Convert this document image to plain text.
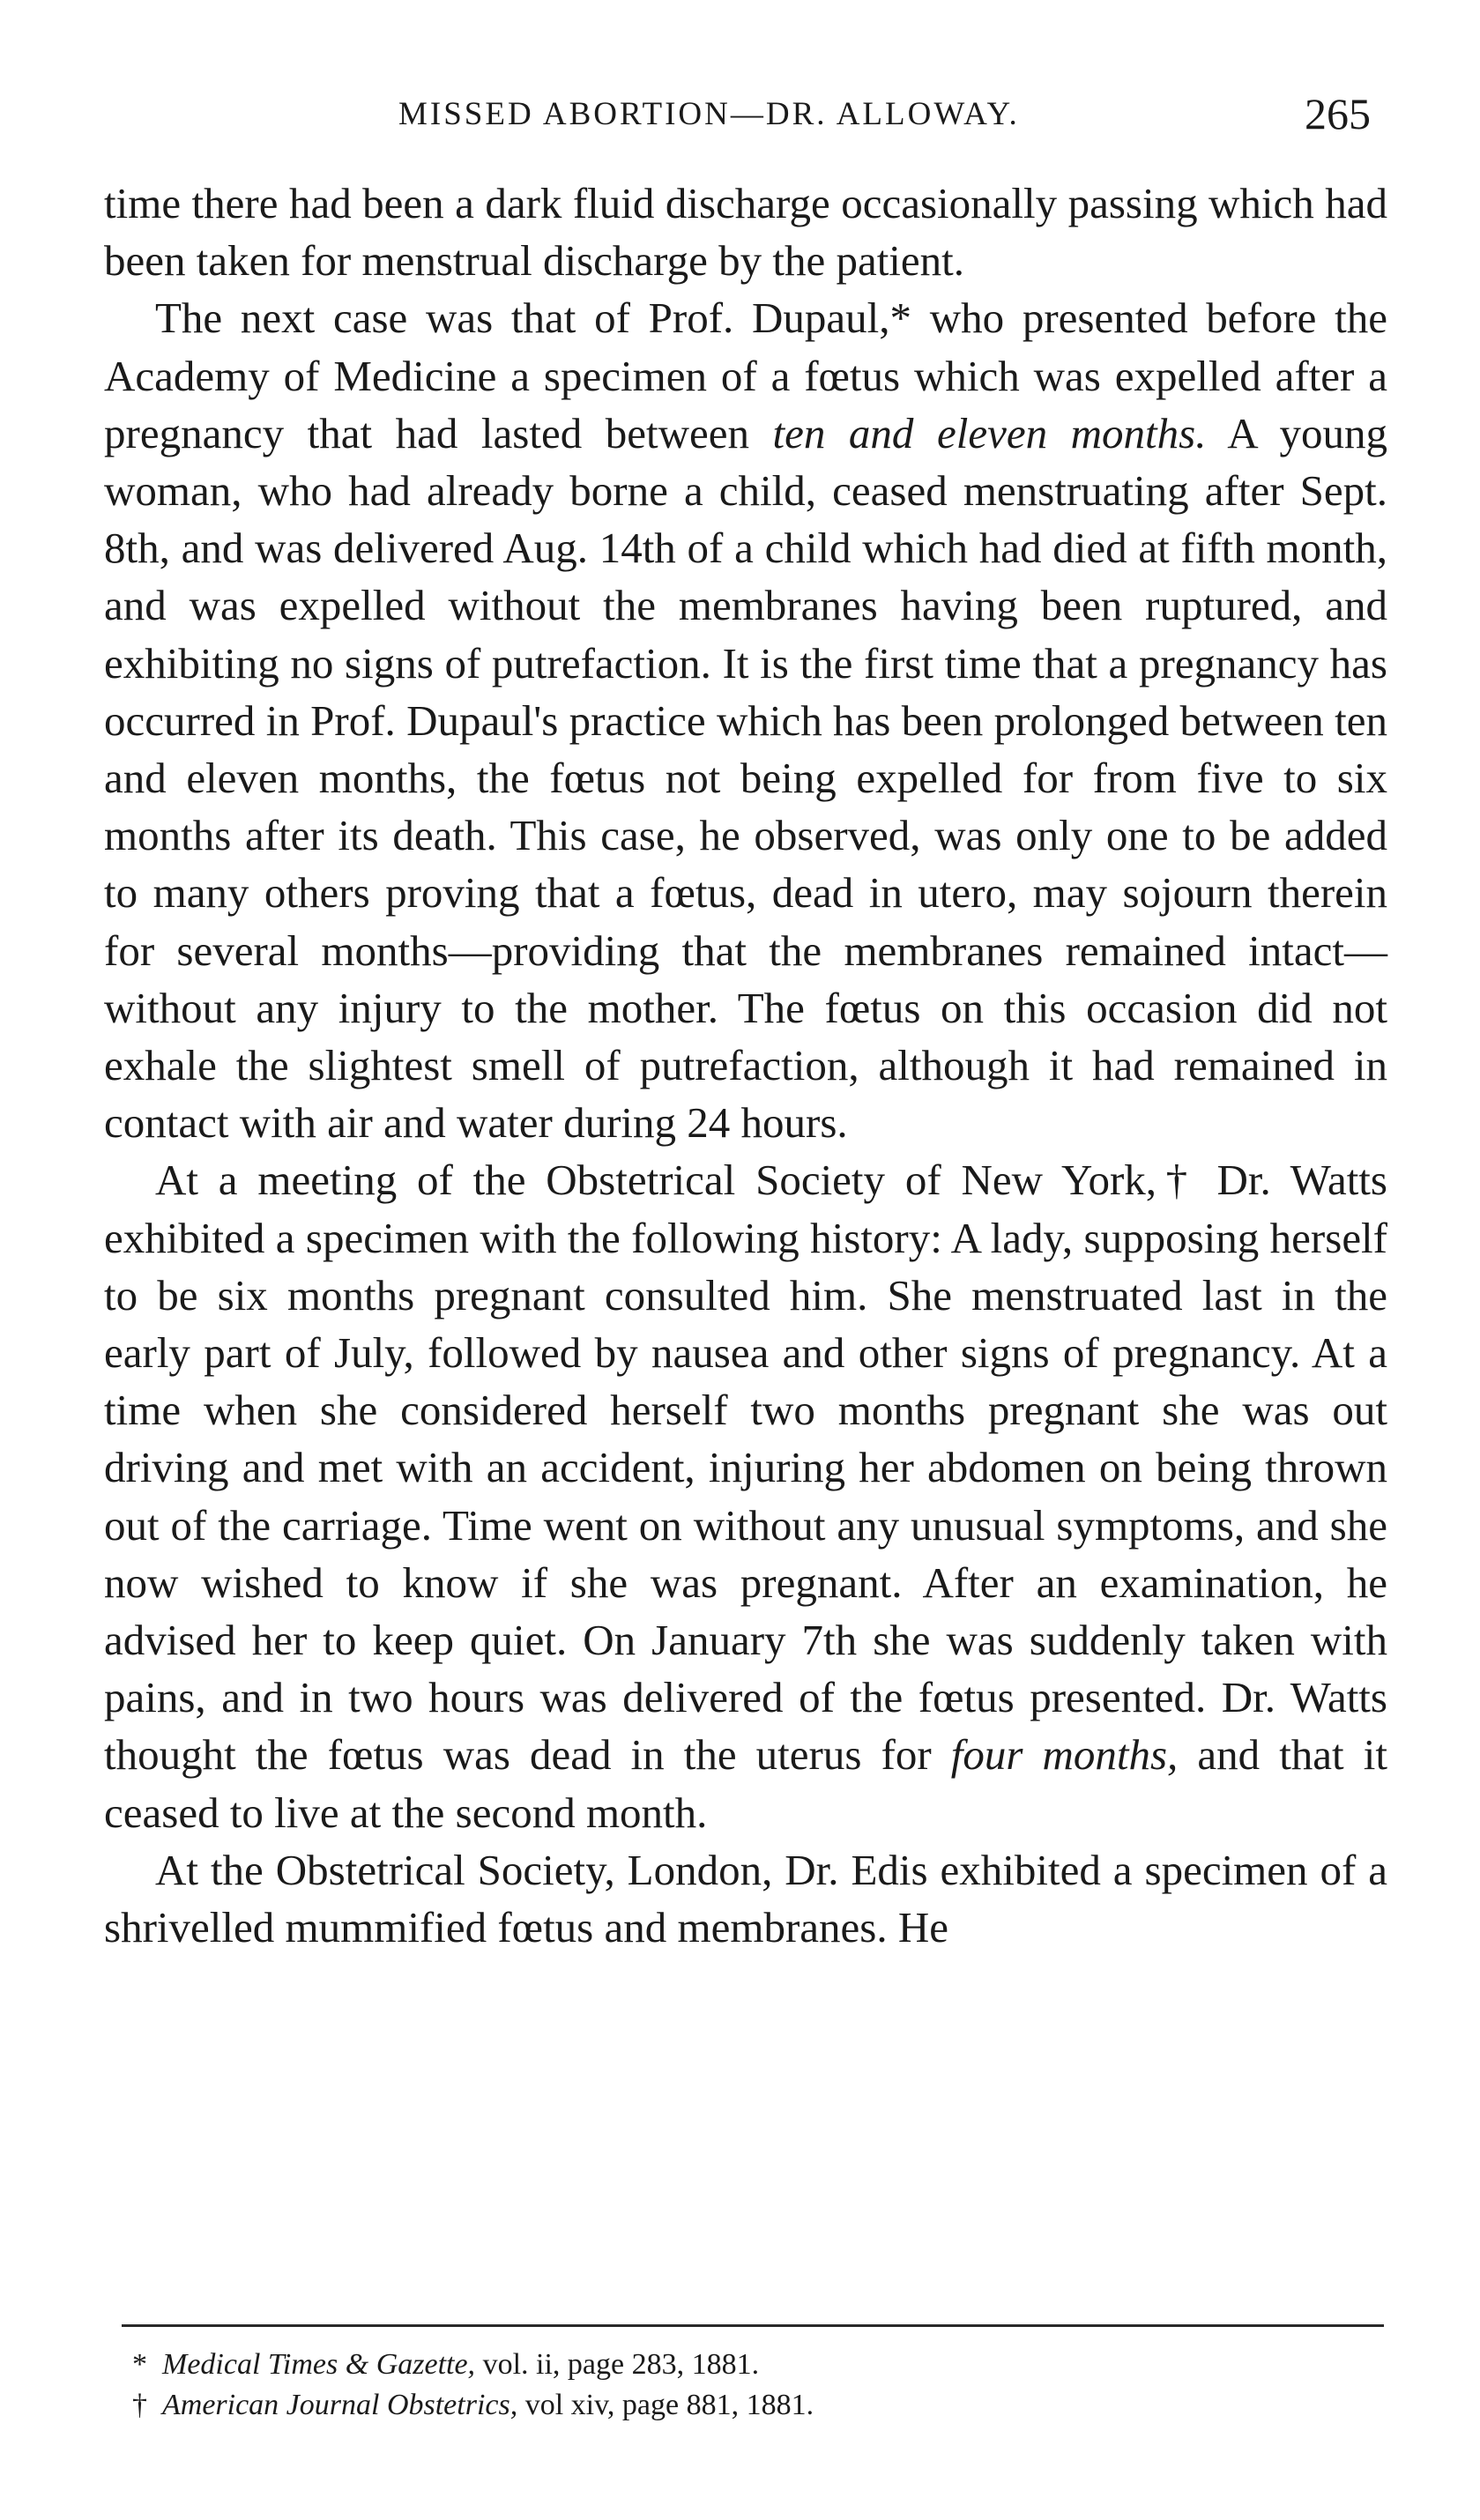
MISSED ABORTION—DR. ALLOWAY.	265

time there had been a dark fluid discharge occasionally passing which had been taken for menstrual discharge by the patient.

The next case was that of Prof. Dupaul,* who presented before the Academy of Medicine a specimen of a fœtus which was expelled after a pregnancy that had lasted between ten and eleven months. A young woman, who had already borne a child, ceased menstruating after Sept. 8th, and was delivered Aug. 14th of a child which had died at fifth month, and was expelled without the membranes having been ruptured, and exhibiting no signs of putrefaction. It is the first time that a pregnancy has occurred in Prof. Dupaul's practice which has been prolonged between ten and eleven months, the fœtus not being expelled for from five to six months after its death. This case, he observed, was only one to be added to many others proving that a fœtus, dead in utero, may sojourn therein for several months—providing that the membranes remained intact—without any injury to the mother. The fœtus on this occasion did not exhale the slightest smell of putrefaction, although it had remained in contact with air and water during 24 hours.

At a meeting of the Obstetrical Society of New York,† Dr. Watts exhibited a specimen with the following history: A lady, supposing herself to be six months pregnant consulted him. She menstruated last in the early part of July, followed by nausea and other signs of pregnancy. At a time when she considered herself two months pregnant she was out driving and met with an accident, injuring her abdomen on being thrown out of the carriage. Time went on without any unusual symptoms, and she now wished to know if she was pregnant. After an examination, he advised her to keep quiet. On January 7th she was suddenly taken with pains, and in two hours was delivered of the fœtus presented. Dr. Watts thought the fœtus was dead in the uterus for four months, and that it ceased to live at the second month.

At the Obstetrical Society, London, Dr. Edis exhibited a specimen of a shrivelled mummified fœtus and membranes. He

* Medical Times & Gazette, vol. ii, page 283, 1881.

† American Journal Obstetrics, vol xiv, page 881, 1881.
